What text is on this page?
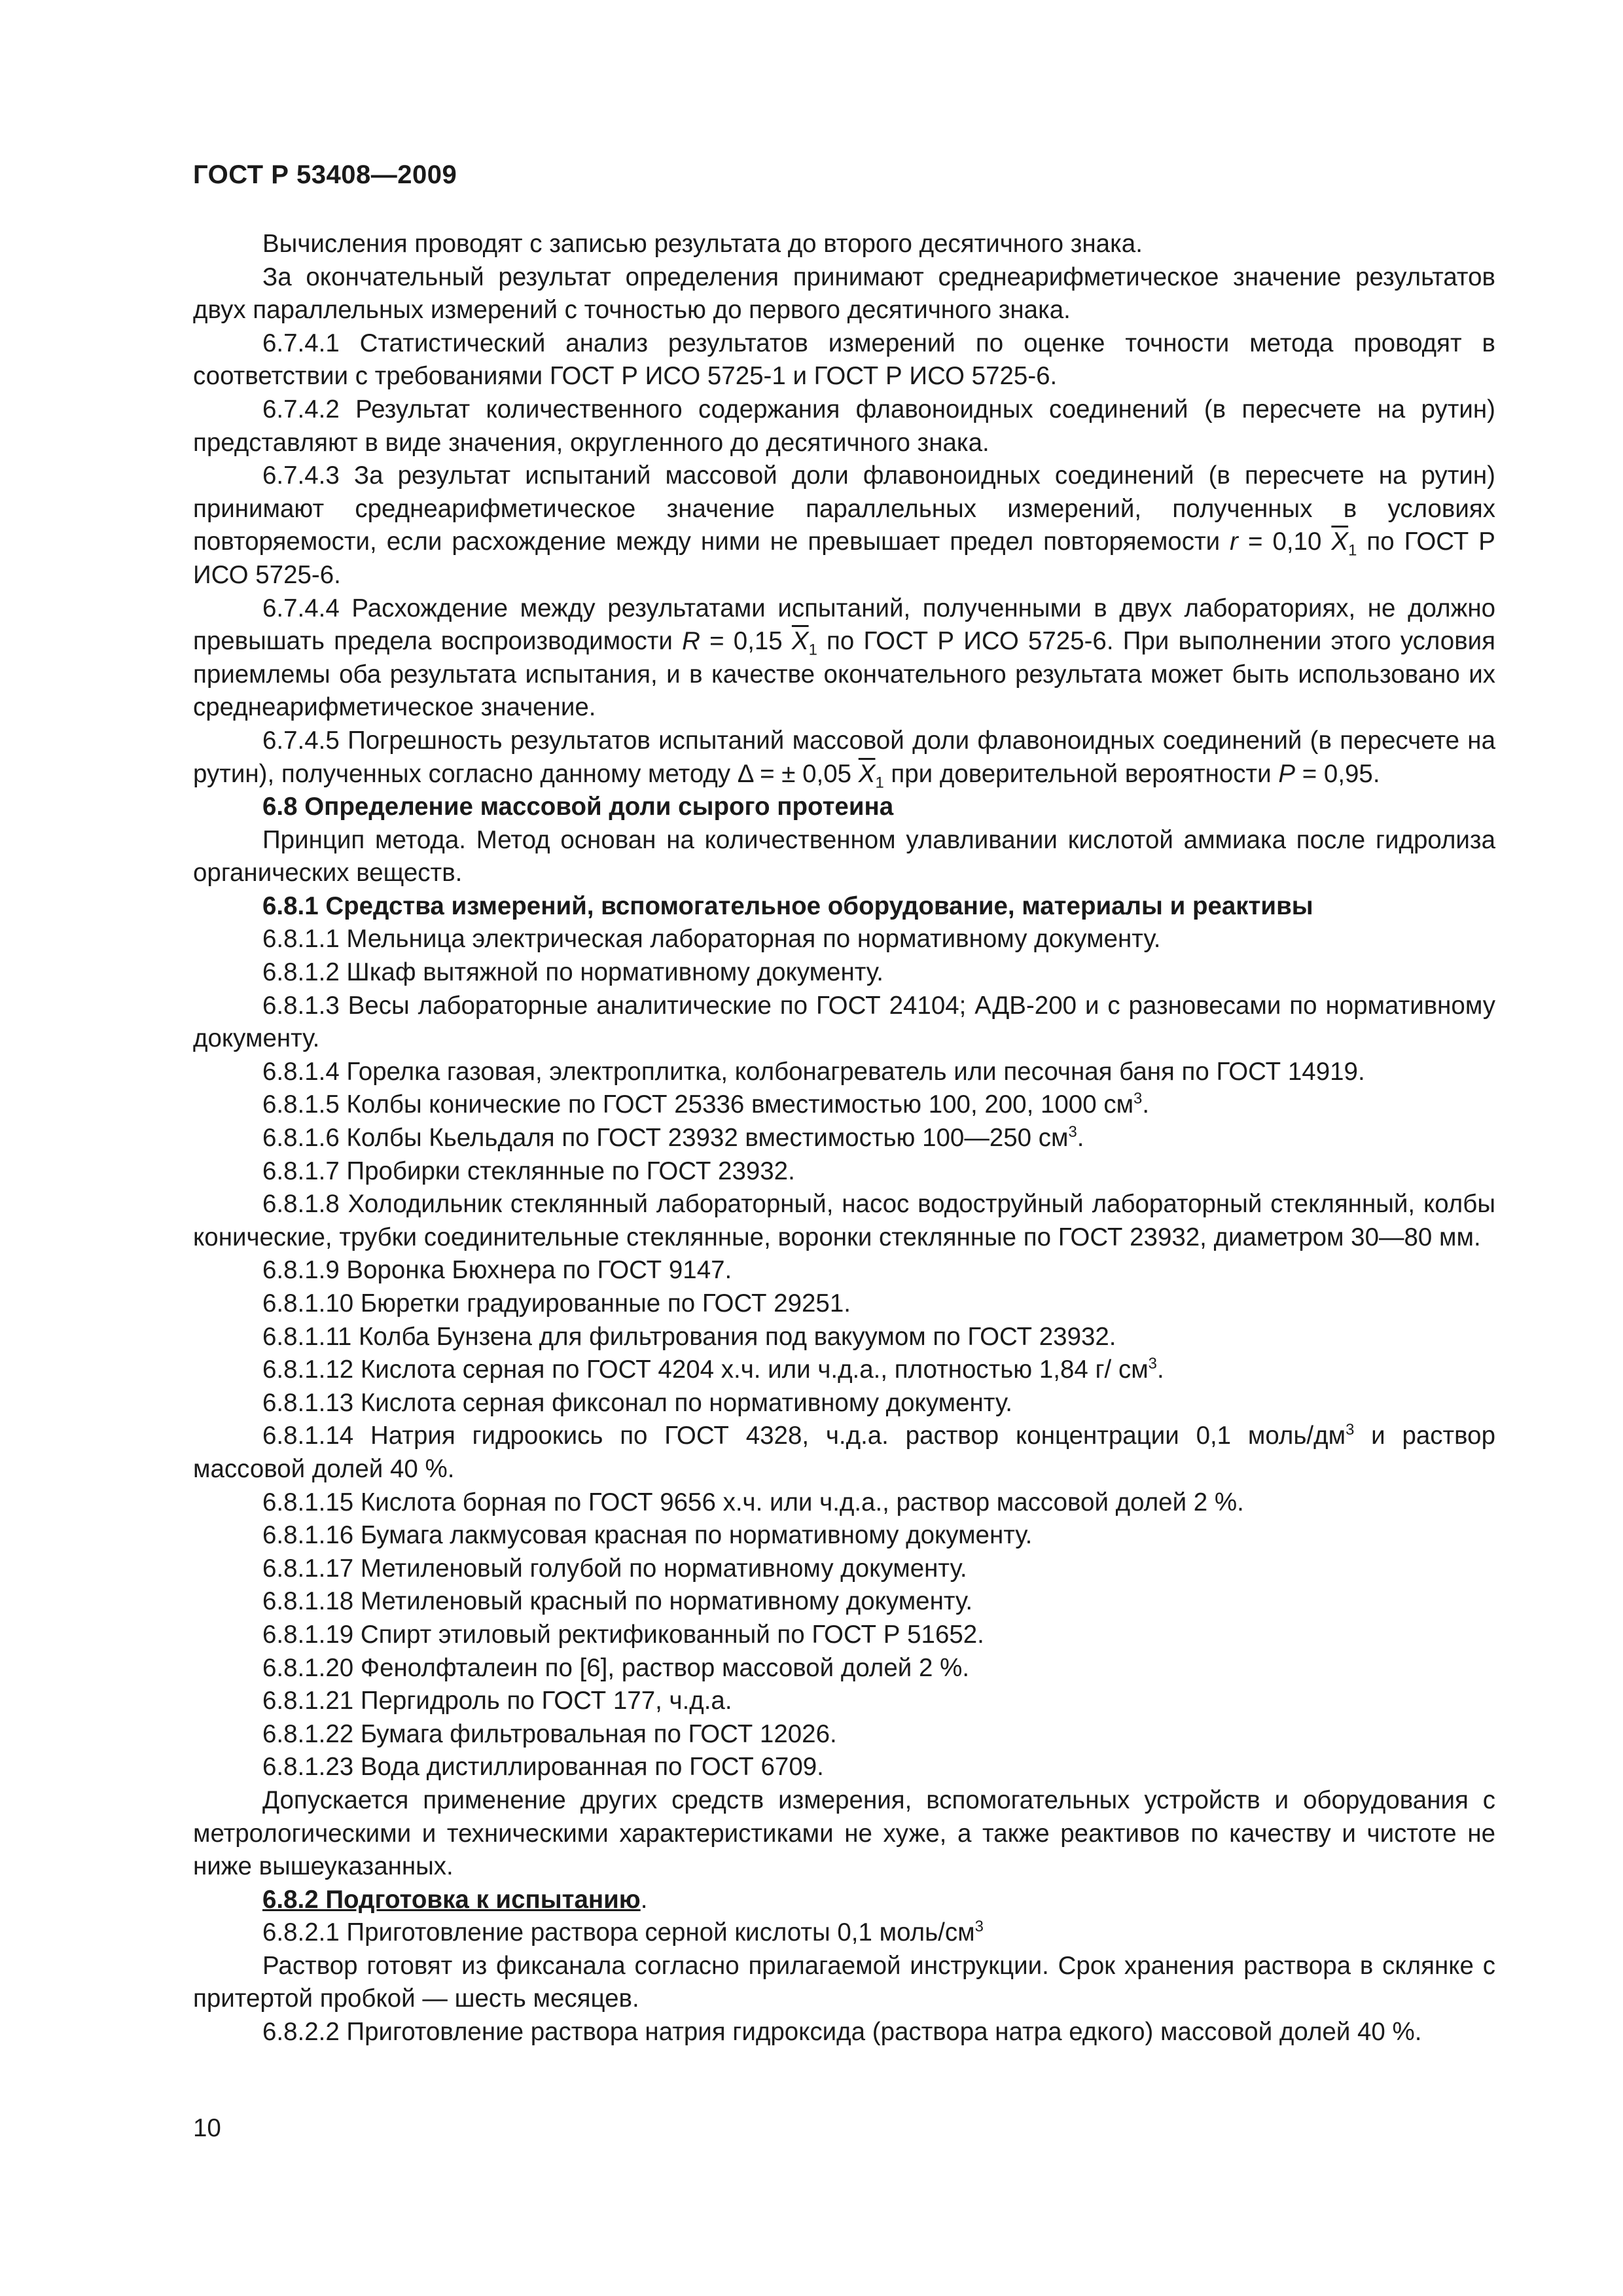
ГОСТ Р 53408—2009

Вычисления проводят с записью результата до второго десятичного знака.

За окончательный результат определения принимают среднеарифметическое значение результатов двух параллельных измерений с точностью до первого десятичного знака.

6.7.4.1 Статистический анализ результатов измерений по оценке точности метода проводят в соответствии с требованиями ГОСТ Р ИСО 5725-1 и ГОСТ Р ИСО 5725-6.

6.7.4.2 Результат количественного содержания флавоноидных соединений (в пересчете на рутин) представляют в виде значения, округленного до десятичного знака.

6.7.4.3 За результат испытаний массовой доли флавоноидных соединений (в пересчете на рутин) принимают среднеарифметическое значение параллельных измерений, полученных в условиях повторяемости, если расхождение между ними не превышает предел повторяемости r = 0,10 $\overline{X}_1$ по ГОСТ Р ИСО 5725-6.

6.7.4.4 Расхождение между результатами испытаний, полученными в двух лабораториях, не должно превышать предела воспроизводимости R = 0,15 $\overline{X}_1$ по ГОСТ Р ИСО 5725-6. При выполнении этого условия приемлемы оба результата испытания, и в качестве окончательного результата может быть использовано их среднеарифметическое значение.

6.7.4.5 Погрешность результатов испытаний массовой доли флавоноидных соединений (в пересчете на рутин), полученных согласно данному методу Δ = ± 0,05 $\overline{X}_1$ при доверительной вероятности P = 0,95.

6.8 Определение массовой доли сырого протеина

Принцип метода. Метод основан на количественном улавливании кислотой аммиака после гидролиза органических веществ.

6.8.1 Средства измерений, вспомогательное оборудование, материалы и реактивы

6.8.1.1 Мельница электрическая лабораторная по нормативному документу.

6.8.1.2 Шкаф вытяжной по нормативному документу.

6.8.1.3 Весы лабораторные аналитические по ГОСТ 24104; АДВ-200 и с разновесами по нормативному документу.

6.8.1.4 Горелка газовая, электроплитка, колбонагреватель или песочная баня по ГОСТ 14919.

6.8.1.5 Колбы конические по ГОСТ 25336 вместимостью 100, 200, 1000 $см^3$.

6.8.1.6 Колбы Кьельдаля по ГОСТ 23932 вместимостью 100—250 $см^3$.

6.8.1.7 Пробирки стеклянные по ГОСТ 23932.

6.8.1.8 Холодильник стеклянный лабораторный, насос водоструйный лабораторный стеклянный, колбы конические, трубки соединительные стеклянные, воронки стеклянные по ГОСТ 23932, диаметром 30—80 мм.

6.8.1.9 Воронка Бюхнера по ГОСТ 9147.

6.8.1.10 Бюретки градуированные по ГОСТ 29251.

6.8.1.11 Колба Бунзена для фильтрования под вакуумом по ГОСТ 23932.

6.8.1.12 Кислота серная по ГОСТ 4204 х.ч. или ч.д.а., плотностью 1,84 г/ $см^3$.

6.8.1.13 Кислота серная фиксонал по нормативному документу.

6.8.1.14 Натрия гидроокись по ГОСТ 4328, ч.д.а. раствор концентрации 0,1 моль/$дм^3$ и раствор массовой долей 40 %.

6.8.1.15 Кислота борная по ГОСТ 9656 х.ч. или ч.д.а., раствор массовой долей 2 %.

6.8.1.16 Бумага лакмусовая красная по нормативному документу.

6.8.1.17 Метиленовый голубой по нормативному документу.

6.8.1.18 Метиленовый красный по нормативному документу.

6.8.1.19 Спирт этиловый ректификованный по ГОСТ Р 51652.

6.8.1.20 Фенолфталеин по [6], раствор массовой долей 2 %.

6.8.1.21 Пергидроль по ГОСТ 177, ч.д.а.

6.8.1.22 Бумага фильтровальная по ГОСТ 12026.

6.8.1.23 Вода дистиллированная по ГОСТ 6709.

Допускается применение других средств измерения, вспомогательных устройств и оборудования с метрологическими и техническими характеристиками не хуже, а также реактивов по качеству и чистоте не ниже вышеуказанных.

6.8.2 Подготовка к испытанию.

6.8.2.1 Приготовление раствора серной кислоты 0,1 моль/$см^3$

Раствор готовят из фиксанала согласно прилагаемой инструкции. Срок хранения раствора в склянке с притертой пробкой — шесть месяцев.

6.8.2.2 Приготовление раствора натрия гидроксида (раствора натра едкого) массовой долей 40 %.

10
